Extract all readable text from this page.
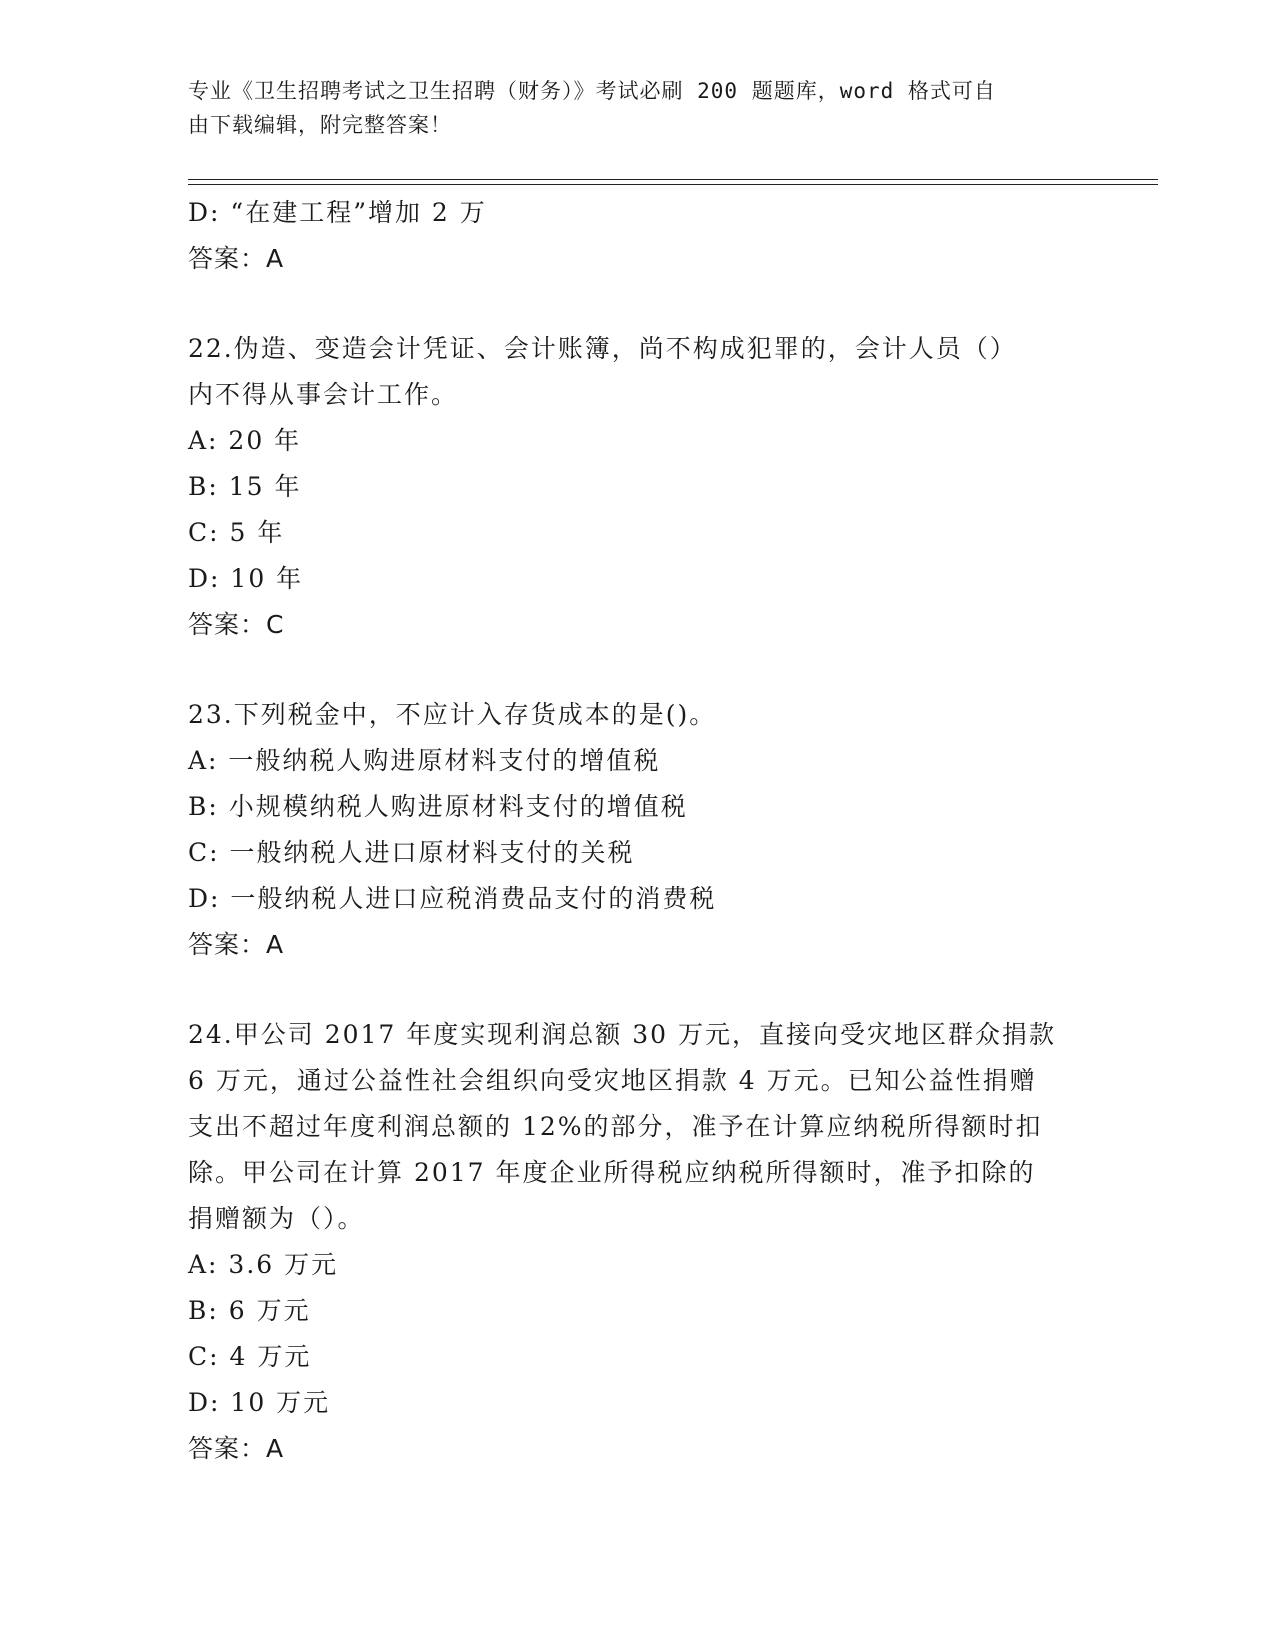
专业《卫生招聘考试之卫生招聘（财务）》考试必刷 200 题题库，word 格式可自
由下载编辑，附完整答案！
D: “在建工程”增加 2 万
答案：A
22.伪造、变造会计凭证、会计账簿，尚不构成犯罪的，会计人员（）
内不得从事会计工作。
A: 20 年
B: 15 年
C: 5 年
D: 10 年
答案：C
23.下列税金中，不应计入存货成本的是()。
A: 一般纳税人购进原材料支付的增值税
B: 小规模纳税人购进原材料支付的增值税
C: 一般纳税人进口原材料支付的关税
D: 一般纳税人进口应税消费品支付的消费税
答案：A
24.甲公司 2017 年度实现利润总额 30 万元，直接向受灾地区群众捐款
6 万元，通过公益性社会组织向受灾地区捐款 4 万元。已知公益性捐赠
支出不超过年度利润总额的 12%的部分，准予在计算应纳税所得额时扣
除。甲公司在计算 2017 年度企业所得税应纳税所得额时，准予扣除的
捐赠额为（）。
A: 3.6 万元
B: 6 万元
C: 4 万元
D: 10 万元
答案：A
